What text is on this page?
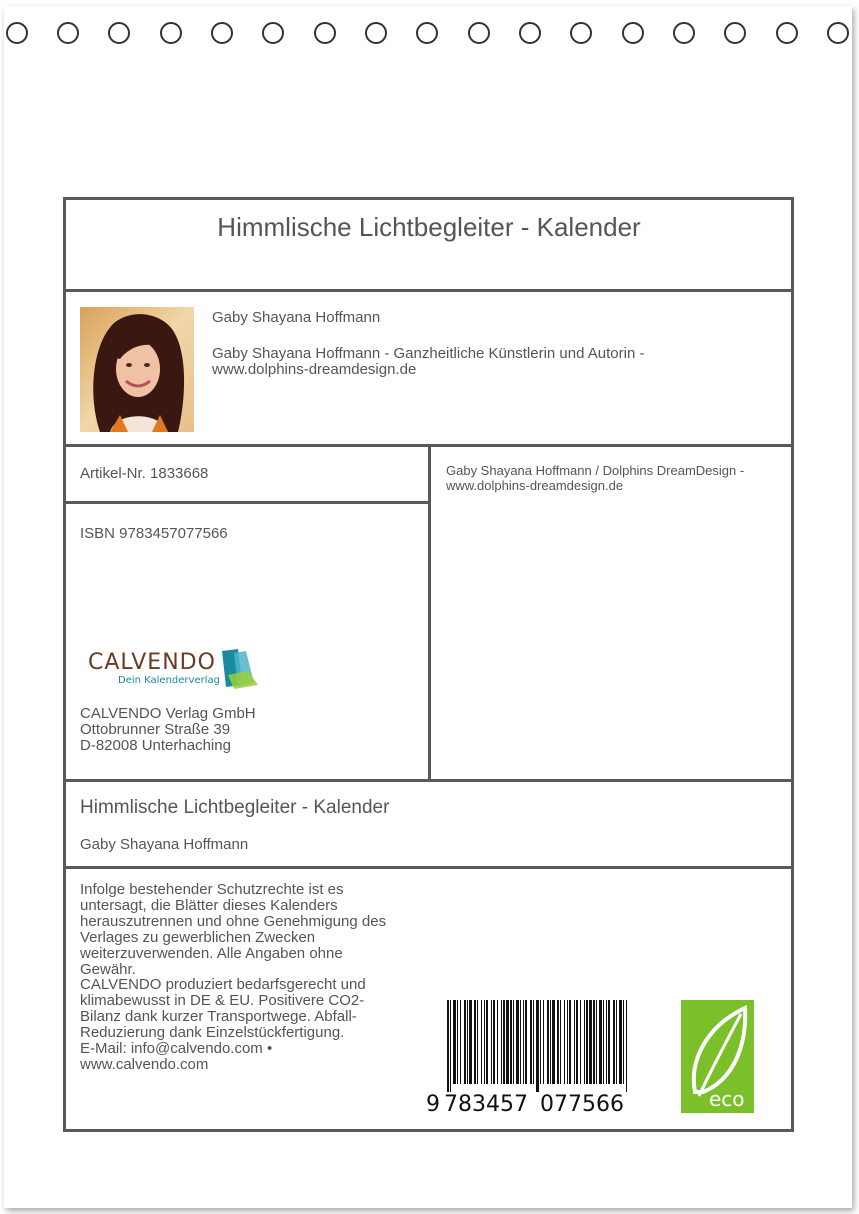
Himmlische Lichtbegleiter - Kalender
Gaby Shayana Hoffmann
Gaby Shayana Hoffmann - Ganzheitliche Künstlerin und Autorin -
www.dolphins-dreamdesign.de
Artikel-Nr. 1833668
ISBN 9783457077566
Gaby Shayana Hoffmann / Dolphins DreamDesign -
www.dolphins-dreamdesign.de
CALVENDO
Dein Kalenderverlag
CALVENDO Verlag GmbH
Ottobrunner Straße 39
D-82008 Unterhaching
Himmlische Lichtbegleiter - Kalender
Gaby Shayana Hoffmann
Infolge bestehender Schutzrechte ist es
untersagt, die Blätter dieses Kalenders
herauszutrennen und ohne Genehmigung des
Verlages zu gewerblichen Zwecken
weiterzuverwenden. Alle Angaben ohne
Gewähr.
CALVENDO produziert bedarfsgerecht und
klimabewusst in DE & EU. Positivere CO2-
Bilanz dank kurzer Transportwege. Abfall-
Reduzierung dank Einzelstückfertigung.
E-Mail: info@calvendo.com •
www.calvendo.com
9 783457 077566	eco
